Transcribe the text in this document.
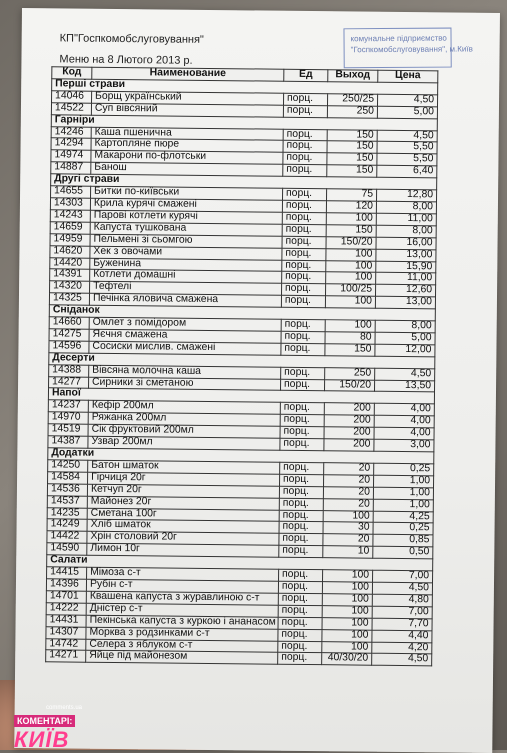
КП"Госпкомобслуговування"
Меню на 8 Лютого 2013 р.
комунальне підприємство
"Госпкомобслуговування", м.Київ
Код	Наименование	Ед	Выход	Цена
Перші страви				
14046	Борщ український	порц.	250/25	4,50
14522	Суп вівсяний	порц.	250	5,00
Гарніри				
14246	Каша пшенична	порц.	150	4,50
14294	Картопляне пюре	порц.	150	5,50
14974	Макарони по-флотськи	порц.	150	5,50
14887	Банош	порц.	150	6,40
Другі страви				
14655	Битки по-київськи	порц.	75	12,80
14303	Крила курячі смажені	порц.	120	8,00
14243	Парові котлети курячі	порц.	100	11,00
14659	Капуста тушкована	порц.	150	8,00
14959	Пельмені зі сьомгою	порц.	150/20	16,00
14620	Хек з овочами	порц.	100	13,00
14420	Буженина	порц.	100	15,90
14391	Котлети домашні	порц.	100	11,00
14320	Тефтелі	порц.	100/25	12,60
14325	Печінка яловича смажена	порц.	100	13,00
Сніданок				
14660	Омлет з помідором	порц.	100	8,00
14275	Яєчня смажена	порц.	80	5,00
14596	Сосиски мислив. смажені	порц.	150	12,00
Десерти				
14388	Вівсяна молочна каша	порц.	250	4,50
14277	Сирники зі сметаною	порц.	150/20	13,50
Напої				
14237	Кефір 200мл	порц.	200	4,00
14970	Ряжанка 200мл	порц.	200	4,00
14519	Сік фруктовий 200мл	порц.	200	4,00
14387	Узвар 200мл	порц.	200	3,00
Додатки				
14250	Батон шматок	порц.	20	0,25
14584	Гірчиця 20г	порц.	20	1,00
14536	Кетчуп 20г	порц.	20	1,00
14537	Майонез 20г	порц.	20	1,00
14235	Сметана 100г	порц.	100	4,25
14249	Хліб шматок	порц.	30	0,25
14422	Хрін столовий 20г	порц.	20	0,85
14590	Лимон 10г	порц.	10	0,50
Салати				
14415	Мімоза с-т	порц.	100	7,00
14396	Рубін с-т	порц.	100	4,50
14701	Квашена капуста з журавлиною с-т	порц.	100	4,80
14222	Дністер с-т	порц.	100	7,00
14431	Пекінська капуста з куркою і ананасом	порц.	100	7,70
14307	Морква з родзинками с-т	порц.	100	4,40
14742	Селера з яблуком с-т	порц.	100	4,20
14271	Яйце під майонезом	порц.	40/30/20	4,50
comments.ua
КОМЕНТАРІ:
КИЇВ
